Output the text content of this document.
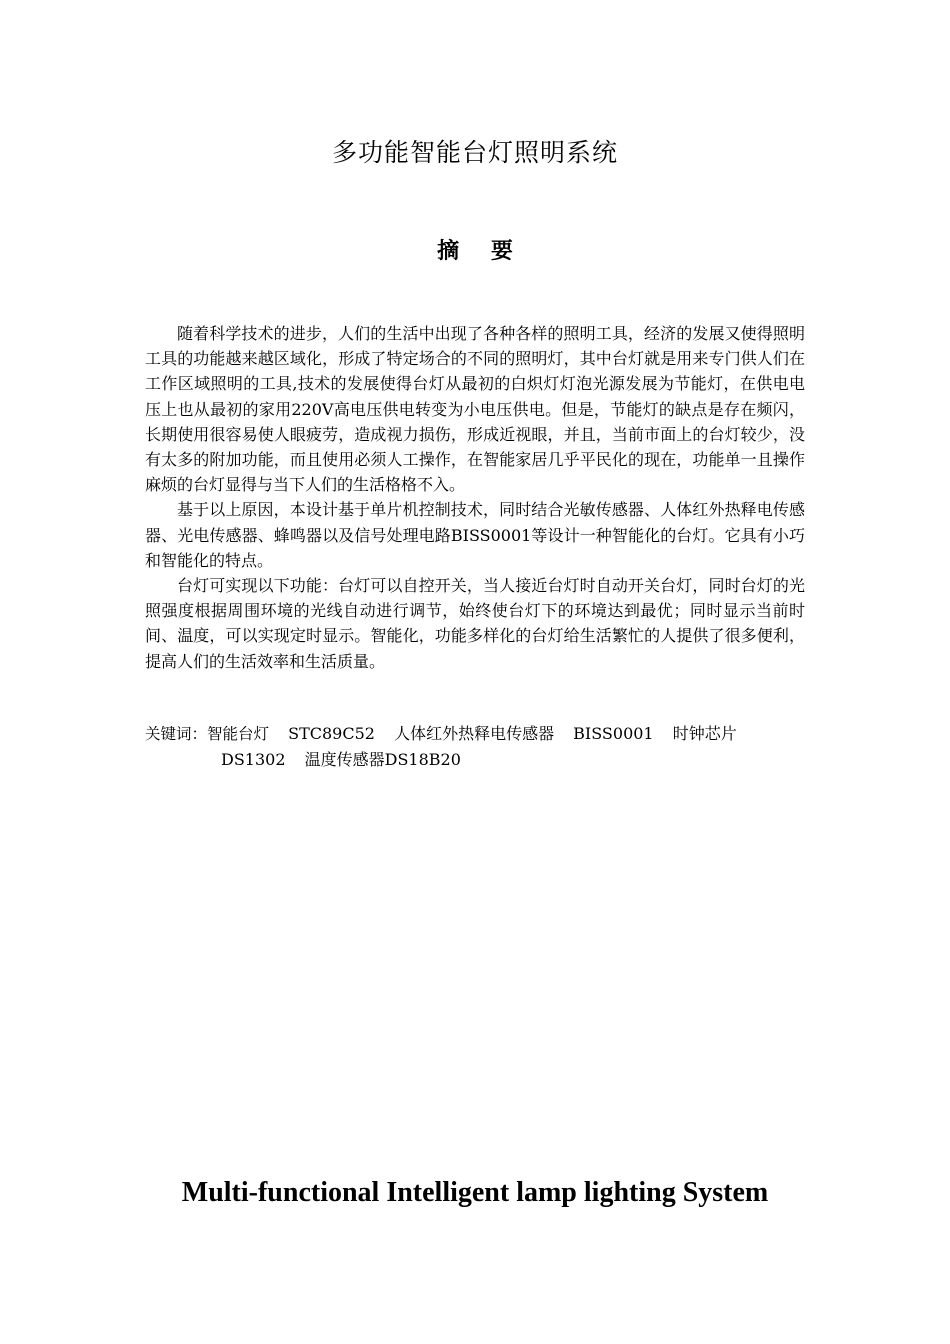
多功能智能台灯照明系统
摘 要

随着科学技术的进步，人们的生活中出现了各种各样的照明工具，经济的发展又使得照明工具的功能越来越区域化，形成了特定场合的不同的照明灯，其中台灯就是用来专门供人们在工作区域照明的工具,技术的发展使得台灯从最初的白炽灯灯泡光源发展为节能灯，在供电电压上也从最初的家用220V高电压供电转变为小电压供电。但是，节能灯的缺点是存在频闪，长期使用很容易使人眼疲劳，造成视力损伤，形成近视眼，并且，当前市面上的台灯较少，没有太多的附加功能，而且使用必须人工操作，在智能家居几乎平民化的现在，功能单一且操作麻烦的台灯显得与当下人们的生活格格不入。

基于以上原因，本设计基于单片机控制技术，同时结合光敏传感器、人体红外热释电传感器、光电传感器、蜂鸣器以及信号处理电路BISS0001等设计一种智能化的台灯。它具有小巧和智能化的特点。

台灯可实现以下功能：台灯可以自控开关，当人接近台灯时自动开关台灯，同时台灯的光照强度根据周围环境的光线自动进行调节，始终使台灯下的环境达到最优；同时显示当前时间、温度，可以实现定时显示。智能化，功能多样化的台灯给生活繁忙的人提供了很多便利，提高人们的生活效率和生活质量。

关键词：智能台灯 STC89C52 人体红外热释电传感器 BISS0001 时钟芯片
DS1302 温度传感器DS18B20
Multi-functional Intelligent lamp lighting System
